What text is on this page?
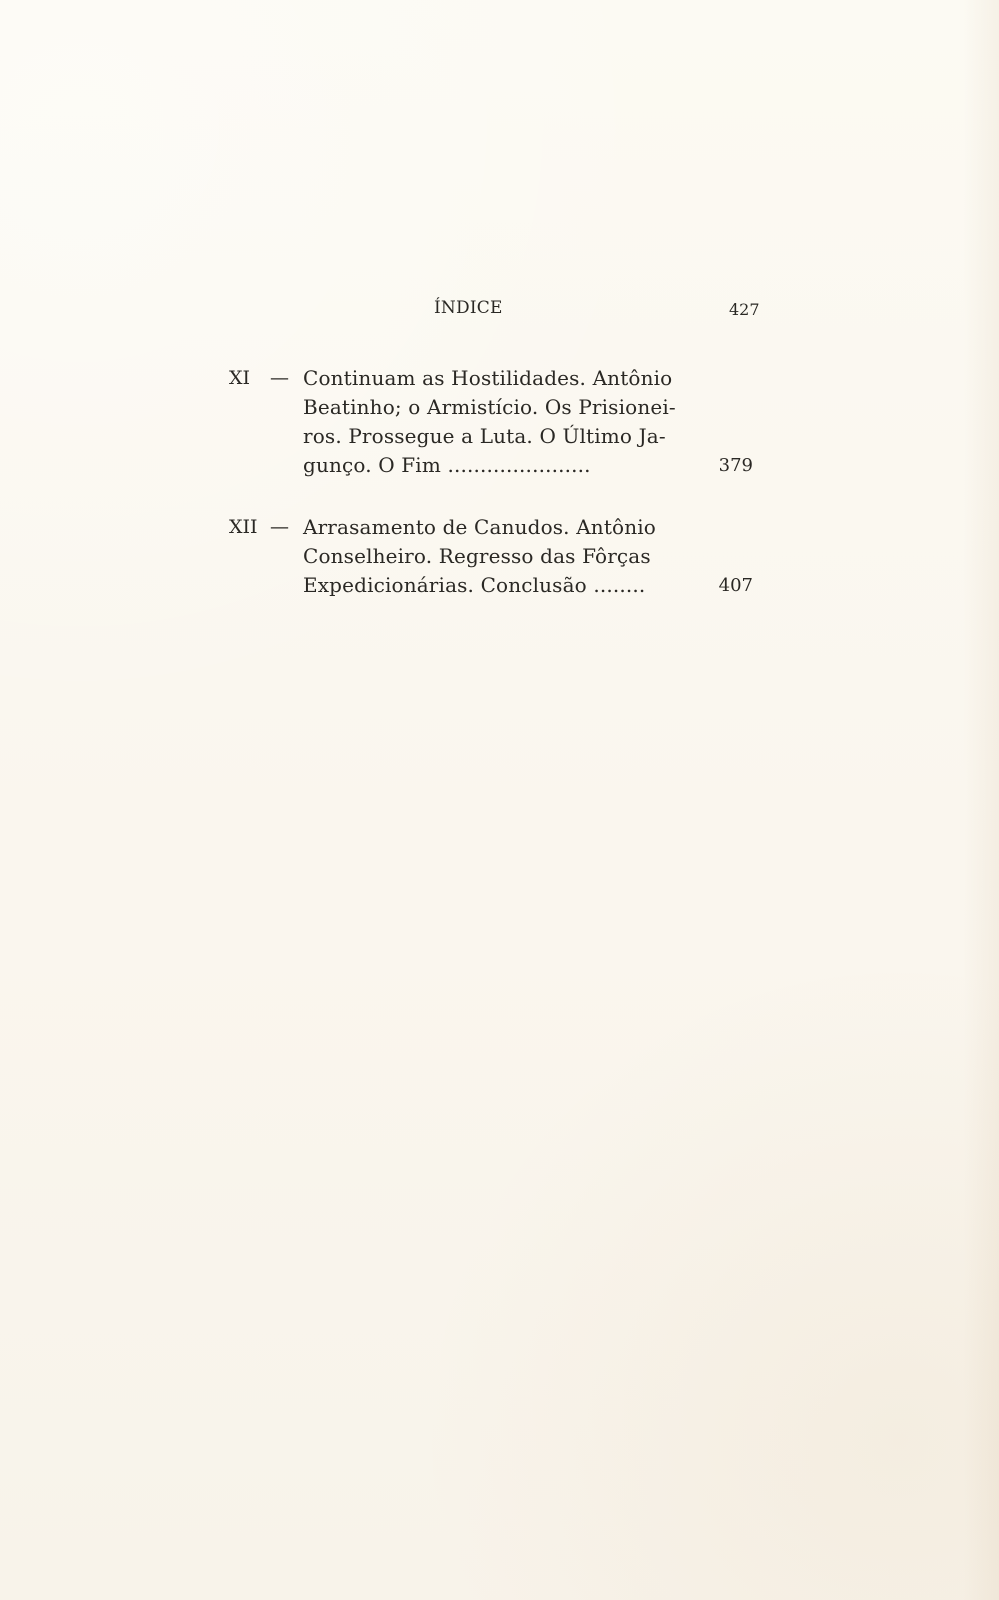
ÍNDICE	427
XI	— Continuam as Hostilidades. Antônio
Beatinho; o Armistício. Os Prisionei-
ros. Prossegue a Luta. O Último Ja-
gunço. O Fim ......................	379
XII — Arrasamento de Canudos. Antônio
Conselheiro. Regresso das Fôrças
Expedicionárias. Conclusão ........	407
